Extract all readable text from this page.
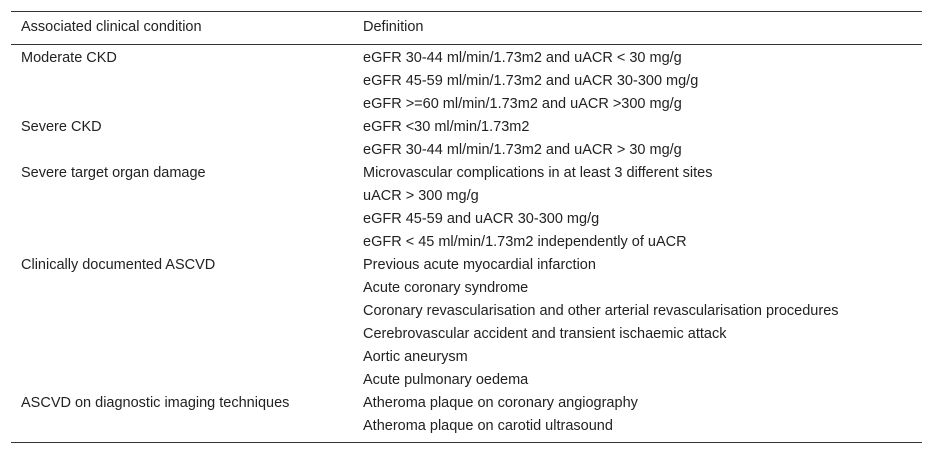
Associated clinical condition	Definition
Moderate CKD	eGFR 30-44 ml/min/1.73m2 and uACR < 30 mg/g
	eGFR 45-59 ml/min/1.73m2 and uACR 30-300 mg/g
	eGFR >=60 ml/min/1.73m2 and uACR >300 mg/g
Severe CKD	eGFR <30 ml/min/1.73m2
	eGFR 30-44 ml/min/1.73m2 and uACR > 30 mg/g
Severe target organ damage	Microvascular complications in at least 3 different sites
	uACR > 300 mg/g
	eGFR 45-59 and uACR 30-300 mg/g
	eGFR < 45 ml/min/1.73m2 independently of uACR
Clinically documented ASCVD	Previous acute myocardial infarction
	Acute coronary syndrome
	Coronary revascularisation and other arterial revascularisation procedures
	Cerebrovascular accident and transient ischaemic attack
	Aortic aneurysm
	Acute pulmonary oedema
ASCVD on diagnostic imaging techniques	Atheroma plaque on coronary angiography
	Atheroma plaque on carotid ultrasound
